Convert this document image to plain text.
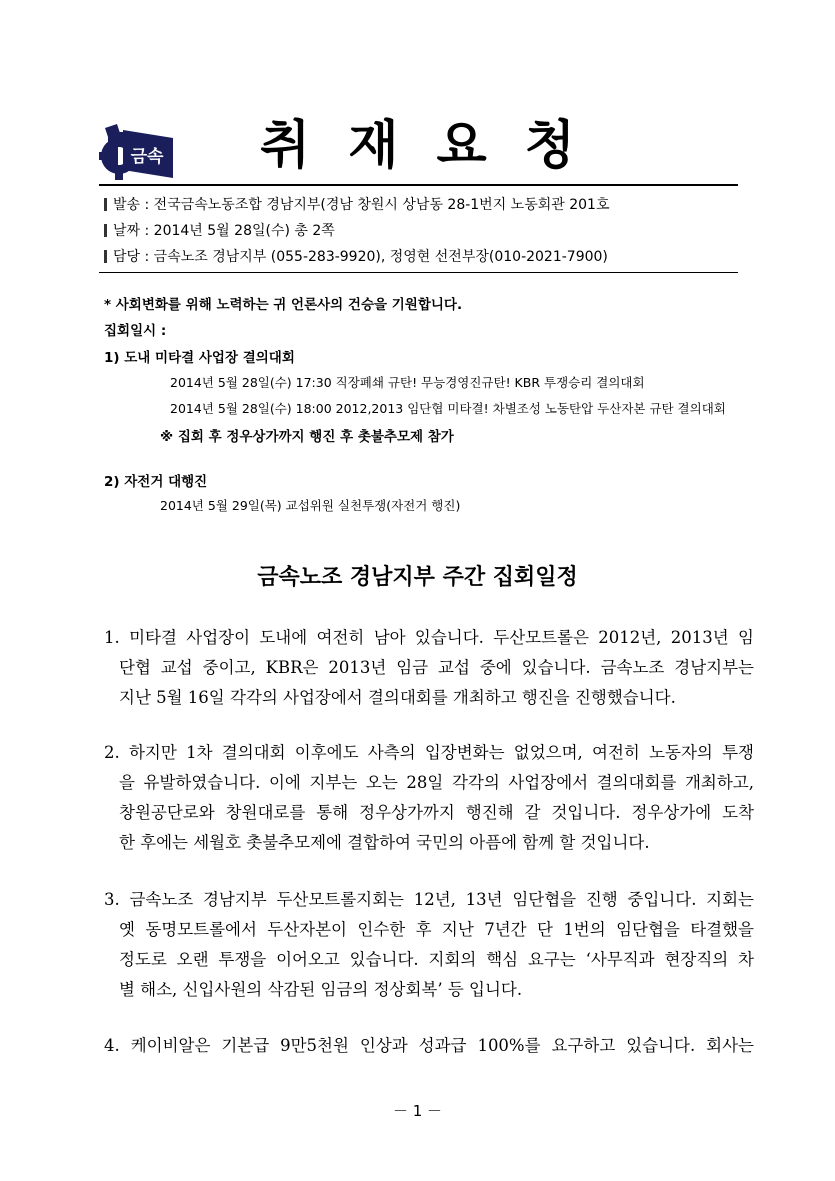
금속	취재요청
발송 : 전국금속노동조합 경남지부(경남 창원시 상남동 28-1번지 노동회관 201호
날짜 : 2014년 5월 28일(수) 총 2쪽
담당 : 금속노조 경남지부 (055-283-9920), 정영현 선전부장(010-2021-7900)
* 사회변화를 위해 노력하는 귀 언론사의 건승을 기원합니다.
집회일시 :
1) 도내 미타결 사업장 결의대회
2014년 5월 28일(수) 17:30 직장폐쇄 규탄! 무능경영진규탄! KBR 투쟁승리 결의대회
2014년 5월 28일(수) 18:00 2012,2013 임단협 미타결! 차별조성 노동탄압 두산자본 규탄 결의대회
※ 집회 후 정우상가까지 행진 후 촛불추모제 참가
2) 자전거 대행진
2014년 5월 29일(목) 교섭위원 실천투쟁(자전거 행진)
금속노조 경남지부 주간 집회일정
1. 미타결 사업장이 도내에 여전히 남아 있습니다. 두산모트롤은 2012년, 2013년 임
단협 교섭 중이고, KBR은 2013년 임금 교섭 중에 있습니다. 금속노조 경남지부는
지난 5월 16일 각각의 사업장에서 결의대회를 개최하고 행진을 진행했습니다.
2. 하지만 1차 결의대회 이후에도 사측의 입장변화는 없었으며, 여전히 노동자의 투쟁
을 유발하였습니다. 이에 지부는 오는 28일 각각의 사업장에서 결의대회를 개최하고,
창원공단로와 창원대로를 통해 정우상가까지 행진해 갈 것입니다. 정우상가에 도착
한 후에는 세월호 촛불추모제에 결합하여 국민의 아픔에 함께 할 것입니다.
3. 금속노조 경남지부 두산모트롤지회는 12년, 13년 임단협을 진행 중입니다. 지회는
옛 동명모트롤에서 두산자본이 인수한 후 지난 7년간 단 1번의 임단협을 타결했을
정도로 오랜 투쟁을 이어오고 있습니다. 지회의 핵심 요구는 ‘사무직과 현장직의 차
별 해소, 신입사원의 삭감된 임금의 정상회복’ 등 입니다.
4. 케이비알은 기본급 9만5천원 인상과 성과급 100%를 요구하고 있습니다. 회사는
－ 1 －
